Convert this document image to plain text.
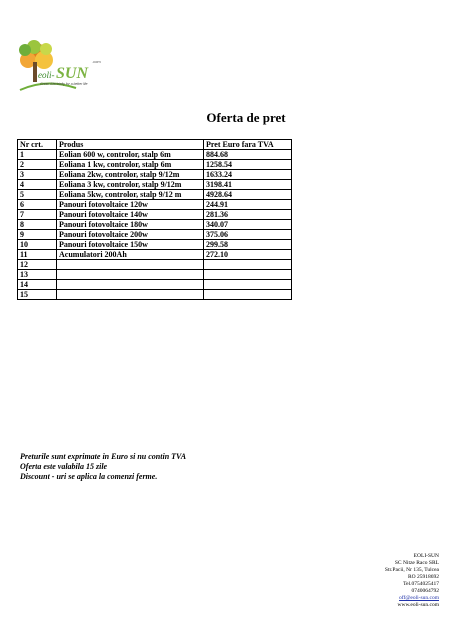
eoli- SUN
.com
Green Electricity for a better life
Oferta de pret
Nr crt.	Produs	Pret Euro fara TVA
1	Eolian 600 w, controlor, stalp 6m	884.68
2	Eoliana 1 kw, controlor, stalp 6m	1258.54
3	Eoliana 2kw, controlor, stalp 9/12m	1633.24
4	Eoliana 3 kw, controlor, stalp 9/12m	3198.41
5	Eoliana 5kw, controlor, stalp 9/12 m	4928.64
6	Panouri fotovoltaice 120w	244.91
7	Panouri fotovoltaice 140w	281.36
8	Panouri fotovoltaice 180w	340.07
9	Panouri fotovoltaice 200w	375.06
10	Panouri fotovoltaice 150w	299.58
11	Acumulatori 200Ah	272.10
12		
13		
14		
15		
Preturile sunt exprimate in Euro si nu contin TVA
Oferta este valabila 15 zile
Discount - uri se aplica la comenzi ferme.
EOLI-SUN
SC Nitze Raco SRL
Str.Pacii, Nr 135, Tulcea
RO 25918692
Tel.0754025417
0740064792
off@eoli-sun.com
www.eoli-sun.com
